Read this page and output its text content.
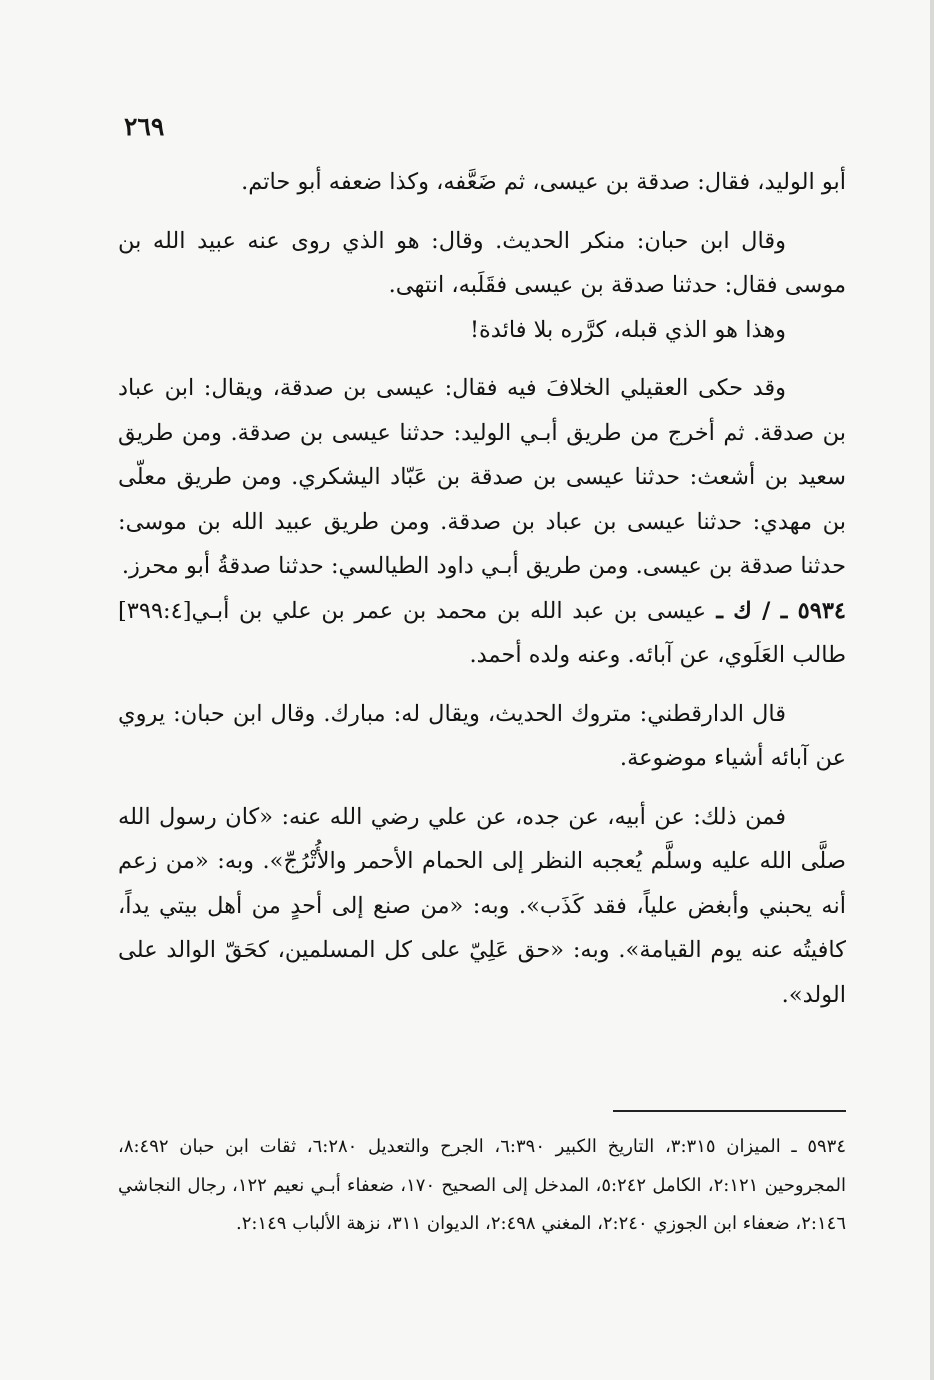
٢٦٩

أبو الوليد، فقال: صدقة بن عيسى، ثم ضَعَّفه، وكذا ضعفه أبو حاتم.

وقال ابن حبان: منكر الحديث. وقال: هو الذي روى عنه عبيد الله بن موسى فقال: حدثنا صدقة بن عيسى فقَلَبه، انتهى.

وهذا هو الذي قبله، كرَّره بلا فائدة!

وقد حكى العقيلي الخلافَ فيه فقال: عيسى بن صدقة، ويقال: ابن عباد بن صدقة. ثم أخرج من طريق أبـي الوليد: حدثنا عيسى بن صدقة. ومن طريق سعيد بن أشعث: حدثنا عيسى بن صدقة بن عَبّاد اليشكري. ومن طريق معلّى بن مهدي: حدثنا عيسى بن عباد بن صدقة. ومن طريق عبيد الله بن موسى: حدثنا صدقة بن عيسى. ومن طريق أبـي داود الطيالسي: حدثنا صدقةُ أبو محرز.

[٣٩٩:٤]	٥٩٣٤ ـ / ك ـ عيسى بن عبد الله بن محمد بن عمر بن علي بن أبـي طالب العَلَوي، عن آبائه. وعنه ولده أحمد.

قال الدارقطني: متروك الحديث، ويقال له: مبارك. وقال ابن حبان: يروي عن آبائه أشياء موضوعة.

فمن ذلك: عن أبيه، عن جده، عن علي رضي الله عنه: «كان رسول الله صلَّى الله عليه وسلَّم يُعجبه النظر إلى الحمام الأحمر والأُتْرُجّ». وبه: «من زعم أنه يحبني وأبغض علياً، فقد كَذَب». وبه: «من صنع إلى أحدٍ من أهل بيتي يداً، كافيتُه عنه يوم القيامة». وبه: «حق عَلِيّ على كل المسلمين، كحَقّ الوالد على الولد».

٥٩٣٤ ـ الميزان ٣:٣١٥، التاريخ الكبير ٦:٣٩٠، الجرح والتعديل ٦:٢٨٠، ثقات ابن حبان ٨:٤٩٢، المجروحين ٢:١٢١، الكامل ٥:٢٤٢، المدخل إلى الصحيح ١٧٠، ضعفاء أبـي نعيم ١٢٢، رجال النجاشي ٢:١٤٦، ضعفاء ابن الجوزي ٢:٢٤٠، المغني ٢:٤٩٨، الديوان ٣١١، نزهة الألباب ٢:١٤٩.
